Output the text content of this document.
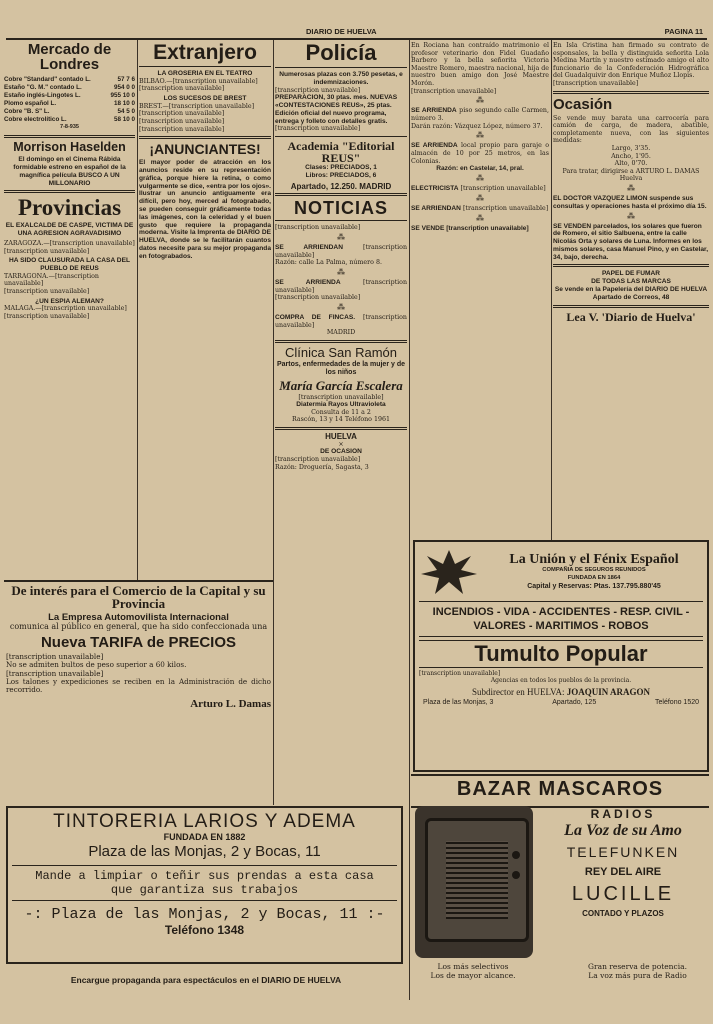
DIARIO DE HUELVA	PAGINA 11
Mercado de Londres
Cobre "Standard" contado L.	57 7 6
Estaño "G. M." contado L.	954 0 0
Estaño inglés-Lingotes L.	955 10 0
Plomo español L.	18 10 0
Cobre "B. S" L.	54 5 0
Cobre electrolítico L.	58 10 0
7-8-935
Morrison Haselden

El domingo en el Cinema Rábida formidable estreno en español de la magnífica película BUSCO A UN MILLONARIO

Provincias

EL EXALCALDE DE CASPE, VICTIMA DE UNA AGRESION AGRAVADISIMO

ZARAGOZA.—[transcription unavailable]

[transcription unavailable]

HA SIDO CLAUSURADA LA CASA DEL PUEBLO DE REUS

TARRAGONA.—[transcription unavailable]

[transcription unavailable]

¿UN ESPIA ALEMAN?

MALAGA.—[transcription unavailable]

[transcription unavailable]

Extranjero

LA GROSERIA EN EL TEATRO

BILBAO.—[transcription unavailable]

[transcription unavailable]

LOS SUCESOS DE BREST

BREST.—[transcription unavailable]

[transcription unavailable]

[transcription unavailable]

[transcription unavailable]

¡ANUNCIANTES!

El mayor poder de atracción en los anuncios reside en su representación gráfica, porque hiere la retina, o como vulgarmente se dice, «entra por los ojos». Ilustrar un anuncio antiguamente era difícil, pero hoy, merced al fotograbado, se pueden conseguir gráficamente todas las imágenes, con la celeridad y el buen gusto que requiere la propaganda moderna. Visite la Imprenta de DIARIO DE HUELVA, donde se le facilitarán cuantos datos necesite para su mejor propaganda en fotograbados.

Policía

Numerosas plazas con 3.750 pesetas, e indemnizaciones.

[transcription unavailable]

PREPARACION, 30 ptas. mes. NUEVAS «CONTESTACIONES REUS», 25 ptas. Edición oficial del nuevo programa, entrega y folleto con detalles gratis.

[transcription unavailable]

Academia "Editorial REUS"

Clases: PRECIADOS, 1

Libros: PRECIADOS, 6

Apartado, 12.250. MADRID

NOTICIAS

[transcription unavailable]

⁂

SE ARRIENDAN	[transcription unavailable]

Razón: calle La Palma, número 8.

⁂

SE ARRIENDA	[transcription unavailable]

[transcription unavailable]

⁂

COMPRA DE FINCAS. [transcription unavailable]

MADRID

Clínica San Ramón

Partos, enfermedades de la mujer y de los niños

María García Escalera

[transcription unavailable]

Diatermia Rayos Ultravioleta

Consulta de 11 a 2

Rascón, 13 y 14 Teléfono 1961

HUELVA

×

DE OCASION

[transcription unavailable]

Razón: Droguería, Sagasta, 3

En Rociana han contraído matrimonio el profesor veterinario don Fidel Guadaño Barbero y la bella señorita Victoria Maestre Romero, maestra nacional, hija de nuestro buen amigo don José Maestre Morón.

[transcription unavailable]

⁂

SE ARRIENDA piso segundo calle Carmen, número 3.

Darán razón: Vázquez López, número 37.

⁂

SE ARRIENDA local propio para garaje o almacén de 10 por 25 metros, en las Colonias.

Razón: en Castelar, 14, pral.

⁂

ELECTRICISTA [transcription unavailable]

⁂

SE ARRIENDAN [transcription unavailable]

⁂

SE VENDE [transcription unavailable]

En Isla Cristina han firmado su contrato de esponsales, la bella y distinguida señorita Lola Medina Martín y nuestro estimado amigo el alto funcionario de la Confederación Hidrográfica del Guadalquivir don Enrique Muñoz Llopis.

[transcription unavailable]

Ocasión

Se vende muy barata una carrocería para camión de carga, de madera, abatible, completamente nueva, con las siguientes medidas:

Largo, 3'35.

Ancho, 1'95.

Alto, 0'70.

Para tratar, dirigirse a ARTURO L. DAMAS

Huelva

⁂

EL DOCTOR VAZQUEZ LIMON suspende sus consultas y operaciones hasta el próximo día 15.

⁂

SE VENDEN parcelados, los solares que fueron de Romero, el sitio Salbuena, entre la calle Nicolás Orta y solares de Luna. Informes en los mismos solares, casa Manuel Pino, y en Castelar, 34, bajo, derecha.

PAPEL DE FUMAR

DE TODAS LAS MARCAS

Se vende en la Papelería del DIARIO DE HUELVA

Apartado de Correos, 48

Lea V. 'Diario de Huelva'
De interés para el Comercio de la Capital y su Provincia

La Empresa Automovilista Internacional

comunica al público en general, que ha sido confeccionada una

Nueva TARIFA de PRECIOS

[transcription unavailable]

No se admiten bultos de peso superior a 60 kilos.

[transcription unavailable]

Los talones y expediciones se reciben en la Administración de dicho recorrido.

Arturo L. Damas
La Unión y el Fénix Español

COMPAÑIA DE SEGUROS REUNIDOS

FUNDADA EN 1864

Capital y Reservas: Ptas. 137.795.880'45

INCENDIOS - VIDA - ACCIDENTES - RESP. CIVIL - VALORES - MARITIMOS - ROBOS

Tumulto Popular

[transcription unavailable]

Agencias en todos los pueblos de la provincia.

Subdirector en HUELVA: JOAQUIN ARAGON

Plaza de las Monjas, 3	Apartado, 125	Teléfono 1520
TINTORERIA LARIOS Y ADEMA

FUNDADA EN 1882

Plaza de las Monjas, 2 y Bocas, 11

Mande a limpiar o teñir sus prendas a esta casa

que garantiza sus trabajos

-: Plaza de las Monjas, 2 y Bocas, 11 :-

Teléfono 1348

Encargue propaganda para espectáculos en el DIARIO DE HUELVA
BAZAR MASCAROS
RADIOS
La Voz de su Amo
TELEFUNKEN
REY DEL AIRE
LUCILLE
CONTADO Y PLAZOS

Los más selectivos

Los de mayor alcance.

Gran reserva de potencia.

La voz más pura de Radio
